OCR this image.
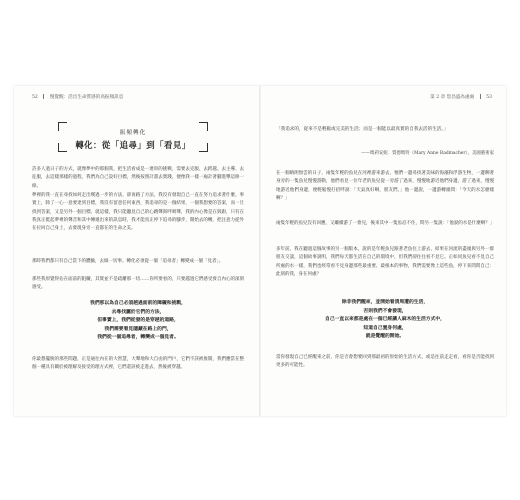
52	慢覺醒：活出生命質感的高振頻訊息
振頻轉化
轉化：從「追尋」到「看見」
許多人過日子的方式，就像夢中的那個我，把生活看成是一連串的挑戰，需要去克服、去跨越、去主導、去征服，去這樣那樣的過程，我們為自己設好目標，然後按照計畫去實踐，便像我一樣一廂計著腳進攀這條一條。
夢裡的我一直在尋找如何走出嘆過一步的方法，卻再路了方法，我沒有發現自己一直在努力追求著什麼。事實上，除了一心一意要達到目標，我沒有留意任何東西，我追尋的是一個結果，一個我想要的答案，而一旦找到答案，又是另外一個目標。就這樣，我只能聽見自己的心跳聲與呼吸聲，我的內心像是在與跟，只有在我真正挺起夢裡的聲音和其中傳遞出來的訊息時，我才能真正停下追尋的腳步，開始去的轉，把注意力從外在拉回自己身上，去發現身旁一直都在的生命之美。
那時我們都只有自己當下的體驗，去做一切事。轉化必須從一個「追尋者」轉變成一個「見者」。
那些我原覺得佔在面前的阻礙，其實並不是疏離那一切……你所要看的，只要越過它們感受發自內心的深刻感受。
我們那以為自己必須越過面前的障礙和挑戰，
去尋找屬於它們的方法，
但事實上，我們從發的是穿越的道路，
我們需要看見隱藏在路上的門，
我們從一個追尋者，轉變成一個見者。
你最想擺脫的那些問題，正是通往內在的大智慧，大聲地和大自由的門戶，它們不該被推開，我們應當在整個一種具有關於被理解及接受的理方式裡，它們還該被走進去，然後被穿越。
第 2 章 您昌盛為處處	53
「我追求的，從來不是輕鬆或完美的生活；而是一個能以最真實的自我去活的生活。」
——瑪莉安妮．賈德瑪特（Mary Anne Radmacher），美國藝術家
在一個晴朗無雲的日子，兩隻年輕的魚兒在河裡游來游去，牠們一邊尋找著美味的海藻和浮游生物，一邊聊著身旁的一隻魚兒慢慢游動，他們看見一位年老的魚兒從一旁游了過來，慢慢地游近他們身邊，游了過來，慢慢地游近他們身邊，便輕鬆慢打招呼說：「天氣真好啊，朋友們。」他一邊說，一邊游轉頭問：「今天的水怎麼樣啊？」
兩隻年輕的魚兒沒有回應，又繼續游了一會兒，後來其中一隻魚忍不住，問另一隻說：「他說的水是什麼啊？」
多年前，我在聽過這個故事的另一個版本，說的是年輕魚兒跟著老魚往上游去，結果在河流的盡頭與另外一群朋友交談，這個故事說明，我們每天都生活在自己的環境中，但我們卻往往看不見它。正如同魚兒看不見自己所處的水一樣，我們也經常看不見身邊那些最重要、最根本的事物，我們需要像上這些魚，停下來問問自己：此刻的我，身在何處？
除非我們醒來，並開始看清周遭的生活，
否則我們不會發現，
自己一直以來都是處在一個已經讓人麻木的生活方式中，
知道自己置身何處，
就是覺醒的開始。
當你發現自己已經醒來之前，你是否會想要回到那最初的原始的生活方式，或是往前走走看，看你是否能找到更多的可能性。
